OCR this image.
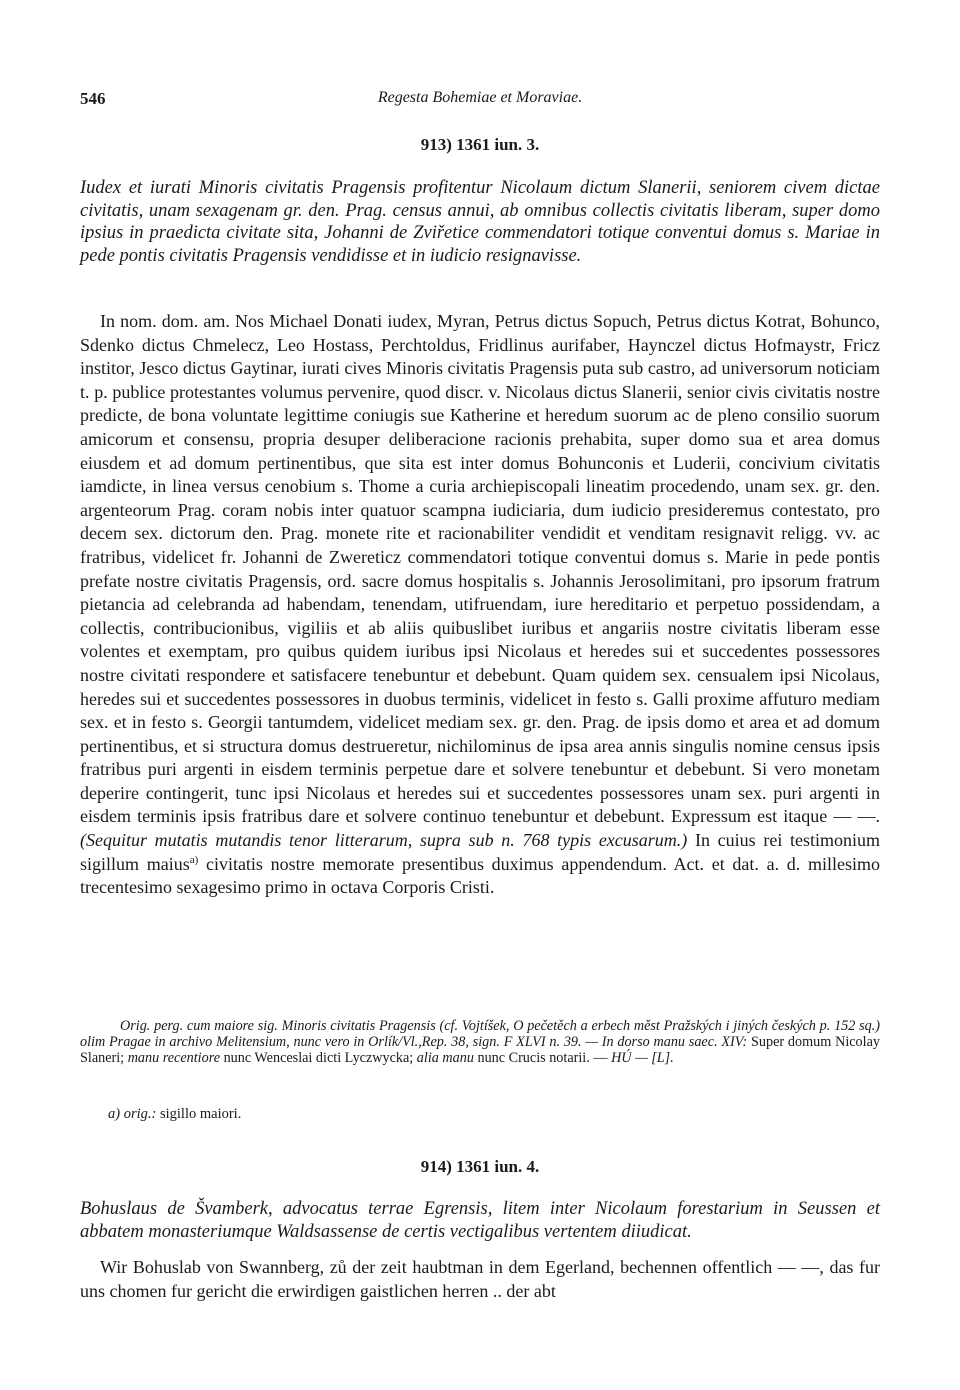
546	Regesta Bohemiae et Moraviae.
913) 1361 iun. 3.
Iudex et iurati Minoris civitatis Pragensis profitentur Nicolaum dictum Slanerii, seniorem civem dictae civitatis, unam sexagenam gr. den. Prag. census annui, ab omnibus collectis civitatis liberam, super domo ipsius in praedicta civitate sita, Johanni de Zviřetice commendatori totique conventui domus s. Mariae in pede pontis civitatis Pragensis vendidisse et in iudicio resignavisse.

In nom. dom. am. Nos Michael Donati iudex, Myran, Petrus dictus Sopuch, Petrus dictus Kotrat, Bohunco, Sdenko dictus Chmelecz, Leo Hostass, Perchtoldus, Fridlinus aurifaber, Haynczel dictus Hofmaystr, Fricz institor, Jesco dictus Gaytinar, iurati cives Minoris civitatis Pragensis puta sub castro, ad universorum noticiam t. p. publice protestantes volumus pervenire, quod discr. v. Nicolaus dictus Slanerii, senior civis civitatis nostre predicte, de bona voluntate legittime coniugis sue Katherine et heredum suorum ac de pleno consilio suorum amicorum et consensu, propria desuper deliberacione racionis prehabita, super domo sua et area domus eiusdem et ad domum pertinentibus, que sita est inter domus Bohunconis et Luderii, concivium civitatis iamdicte, in linea versus cenobium s. Thome a curia archiepiscopali lineatim procedendo, unam sex. gr. den. argenteorum Prag. coram nobis inter quatuor scampna iudiciaria, dum iudicio presideremus contestato, pro decem sex. dictorum den. Prag. monete rite et racionabiliter vendidit et venditam resignavit religg. vv. ac fratribus, videlicet fr. Johanni de Zwereticz commendatori totique conventui domus s. Marie in pede pontis prefate nostre civitatis Pragensis, ord. sacre domus hospitalis s. Johannis Jerosolimitani, pro ipsorum fratrum pietancia ad celebranda ad habendam, tenendam, utifruendam, iure hereditario et perpetuo possidendam, a collectis, contribucionibus, vigiliis et ab aliis quibuslibet iuribus et angariis nostre civitatis liberam esse volentes et exemptam, pro quibus quidem iuribus ipsi Nicolaus et heredes sui et succedentes possessores nostre civitati respondere et satisfacere tenebuntur et debebunt. Quam quidem sex. censualem ipsi Nicolaus, heredes sui et succedentes possessores in duobus terminis, videlicet in festo s. Galli proxime affuturo mediam sex. et in festo s. Georgii tantumdem, videlicet mediam sex. gr. den. Prag. de ipsis domo et area et ad domum pertinentibus, et si structura domus destrueretur, nichilominus de ipsa area annis singulis nomine census ipsis fratribus puri argenti in eisdem terminis perpetue dare et solvere tenebuntur et debebunt. Si vero monetam deperire contingerit, tunc ipsi Nicolaus et heredes sui et succedentes possessores unam sex. puri argenti in eisdem terminis ipsis fratribus dare et solvere continuo tenebuntur et debebunt. Expressum est itaque — —. (Sequitur mutatis mutandis tenor litterarum, supra sub n. 768 typis excusarum.) In cuius rei testimonium sigillum maius$^{a)}$ civitatis nostre memorate presentibus duximus appendendum. Act. et dat. a. d. millesimo trecentesimo sexagesimo primo in octava Corporis Cristi.

Orig. perg. cum maiore sig. Minoris civitatis Pragensis (cf. Vojtíšek, O pečetěch a erbech měst Pražských i jiných českých p. 152 sq.) olim Pragae in archivo Melitensium, nunc vero in Orlík/Vl.,Rep. 38, sign. F XLVI n. 39. — In dorso manu saec. XIV: Super domum Nicolay Slaneri; manu recentiore nunc Wenceslai dicti Lyczwycka; alia manu nunc Crucis notarii. — HÚ — [L].
a) orig.: sigillo maiori.
914) 1361 iun. 4.
Bohuslaus de Švamberk, advocatus terrae Egrensis, litem inter Nicolaum forestarium in Seussen et abbatem monasteriumque Waldsassense de certis vectigalibus vertentem diiudicat.

Wir Bohuslab von Swannberg, zů der zeit haubtman in dem Egerland, bechennen offentlich — —, das fur uns chomen fur gericht die erwirdigen gaistlichen herren .. der abt
